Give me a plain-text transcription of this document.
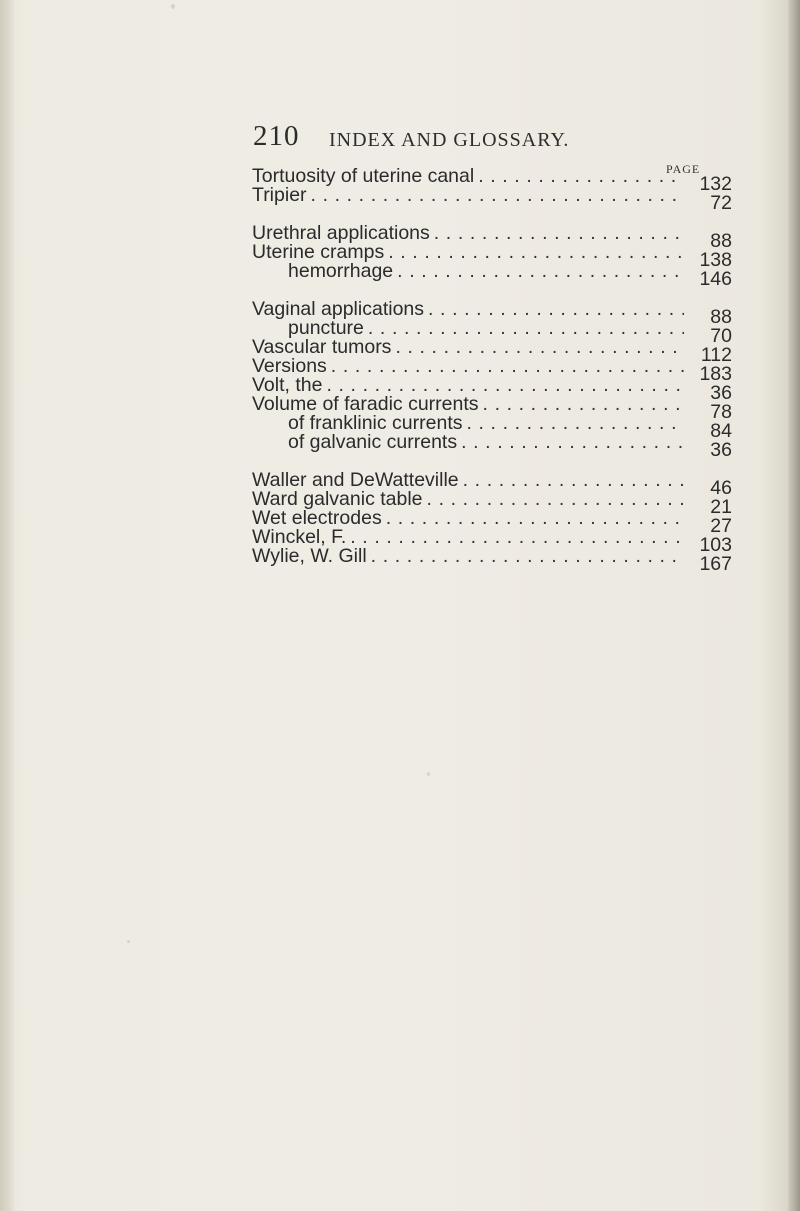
210 INDEX AND GLOSSARY.
PAGE
Tortuosity of uterine canal . . .	132
Tripier . . .	72
Urethral applications . . .	88
Uterine cramps . . .	138
hemorrhage . . .	146
Vaginal applications . . .	88
puncture . . .	70
Vascular tumors . . .	112
Versions . . .	183
Volt, the . . .	36
Volume of faradic currents . . .	78
of franklinic currents . . .	84
of galvanic currents . . .	36
Waller and DeWatteville . . .	46
Ward galvanic table . . .	21
Wet electrodes . . .	27
Winckel, F. . . .	103
Wylie, W. Gill . . .	167
